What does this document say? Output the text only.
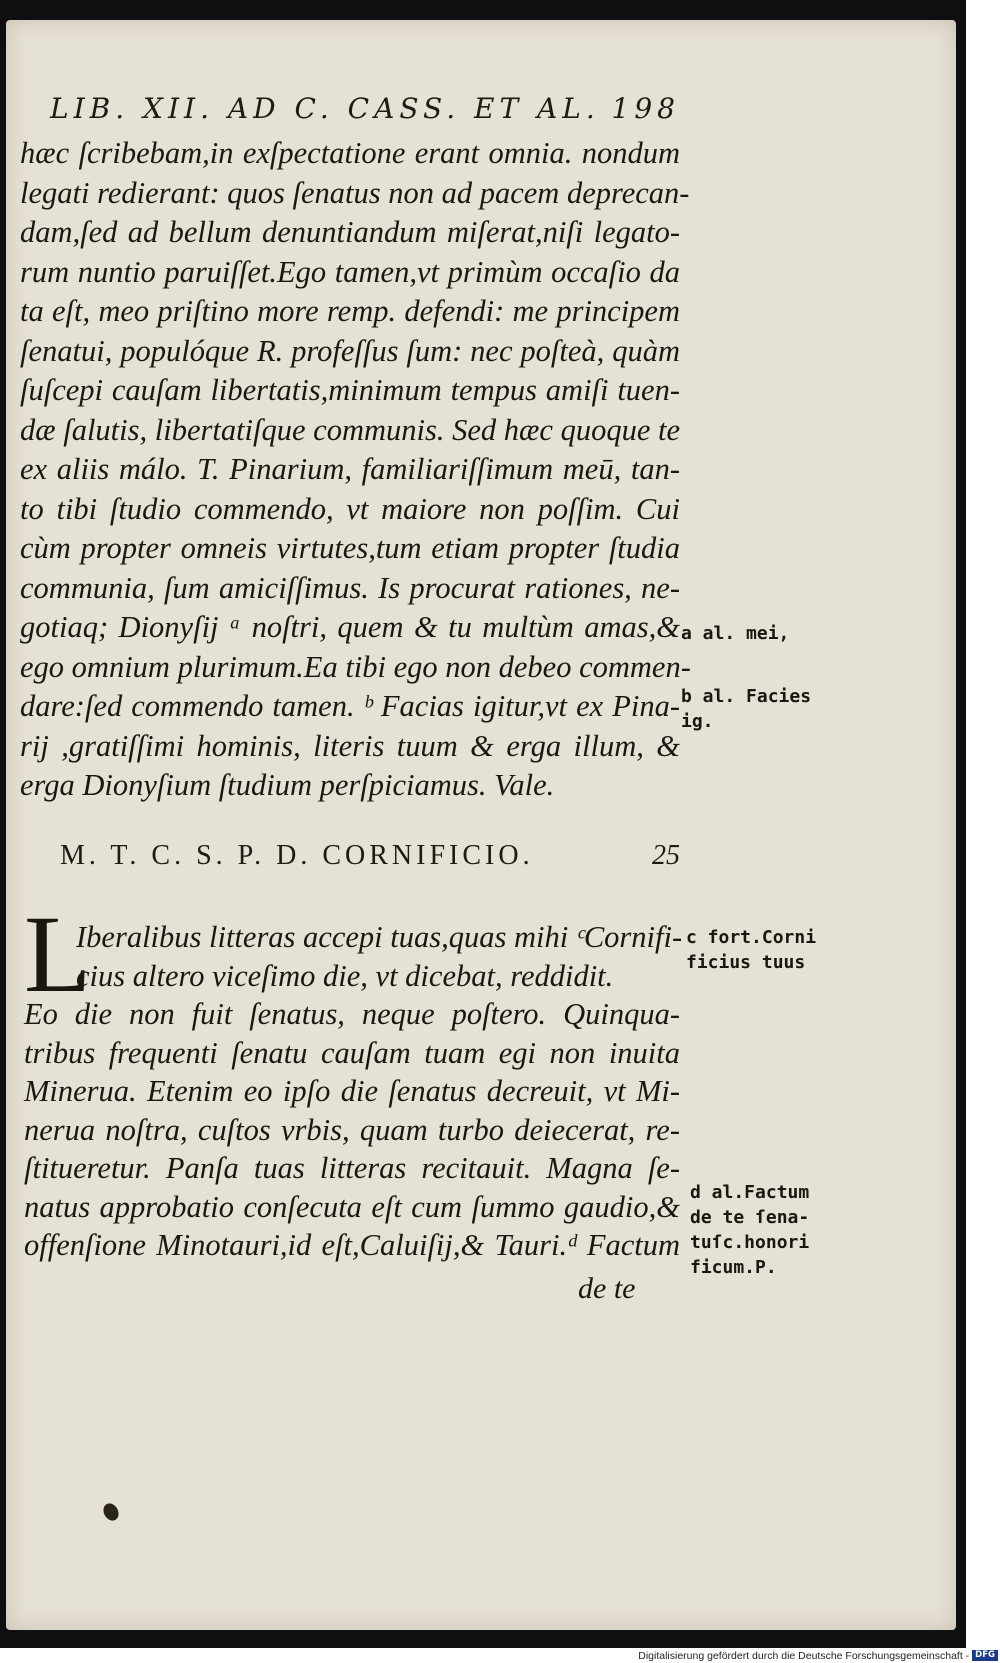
LIB. XII. AD C. CASS. ET AL. 198
hæc ſcribebam,in exſpectatione erant omnia. nondum
legati redierant: quos ſenatus non ad pacem deprecan-
dam,ſed ad bellum denuntiandum miſerat,niſi legato-
rum nuntio paruiſſet.Ego tamen,vt primùm occaſio da
ta eſt, meo priſtino more remp. defendi: me principem
ſenatui, populóque R. profeſſus ſum: nec poſteà, quàm
ſuſcepi cauſam libertatis,minimum tempus amiſi tuen-
dæ ſalutis, libertatiſque communis. Sed hæc quoque te
ex aliis málo. T. Pinarium, familiariſſimum meū, tan-
to tibi ſtudio commendo, vt maiore non poſſim. Cui
cùm propter omneis virtutes,tum etiam propter ſtudia
communia, ſum amiciſſimus. Is procurat rationes, ne-
gotiaq; Dionyſij ᵃ noſtri, quem & tu multùm amas,&
ego omnium plurimum.Ea tibi ego non debeo commen-
dare:ſed commendo tamen. ᵇ Facias igitur,vt ex Pina-
rij ,gratiſſimi hominis, literis tuum & erga illum, &
erga Dionyſium ſtudium perſpiciamus. Vale.
a al. mei,
b al. Facies
ig.
M. T. C. S. P. D. CORNIFICIO.	25
L
Iberalibus litteras accepi tuas,quas mihi ᶜCornifi-
cius altero viceſimo die, vt dicebat, reddidit.
Eo die non fuit ſenatus, neque poſtero. Quinqua-
tribus frequenti ſenatu cauſam tuam egi non inuita
Mineruа. Etenim eo ipſo die ſenatus decreuit, vt Mi-
nerua noſtra, cuſtos vrbis, quam turbo deiecerat, re-
ſtitueretur. Panſa tuas litteras recitauit. Magna ſe-
natus approbatio conſecuta eſt cum ſummo gaudio,&
offenſione Minotauri,id eſt,Caluiſij,& Tauri.ᵈ Factum
de te
c fort.Corni
ficius tuus
d al.Factum
de te ſena-
tuſc.honori
ficum.P.
Digitalisierung gefördert durch die Deutsche Forschungsgemeinschaft - DFG
